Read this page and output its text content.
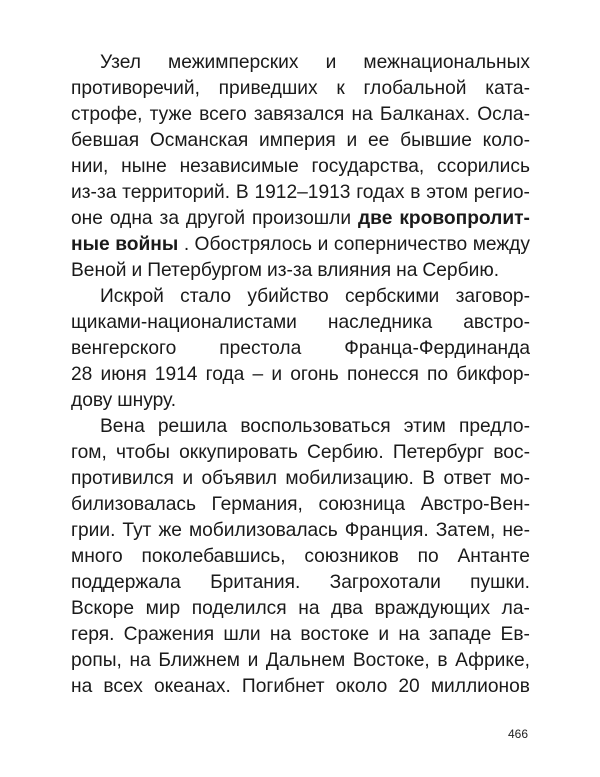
Узел межимперских и межнациональных
противоречий, приведших к глобальной ката-
строфе, туже всего завязался на Балканах. Осла-
бевшая Османская империя и ее бывшие коло-
нии, ныне независимые государства, ссорились
из-за территорий. В 1912–1913 годах в этом регио-
оне одна за другой произошли две кровопролит-
ные войны . Обострялось и соперничество между
Веной и Петербургом из-за влияния на Сербию.
Искрой стало убийство сербскими заговор-
щиками-националистами наследника австро-
венгерского престола Франца-Фердинанда
28 июня 1914 года – и огонь понесся по бикфор-
дову шнуру.
Вена решила воспользоваться этим предло-
гом, чтобы оккупировать Сербию. Петербург вос-
противился и объявил мобилизацию. В ответ мо-
билизовалась Германия, союзница Австро-Вен-
грии. Тут же мобилизовалась Франция. Затем, не-
много поколебавшись, союзников по Антанте
поддержала Британия. Загрохотали пушки.
Вскоре мир поделился на два враждующих ла-
геря. Сражения шли на востоке и на западе Ев-
ропы, на Ближнем и Дальнем Востоке, в Африке,
на всех океанах. Погибнет около 20 миллионов
466
